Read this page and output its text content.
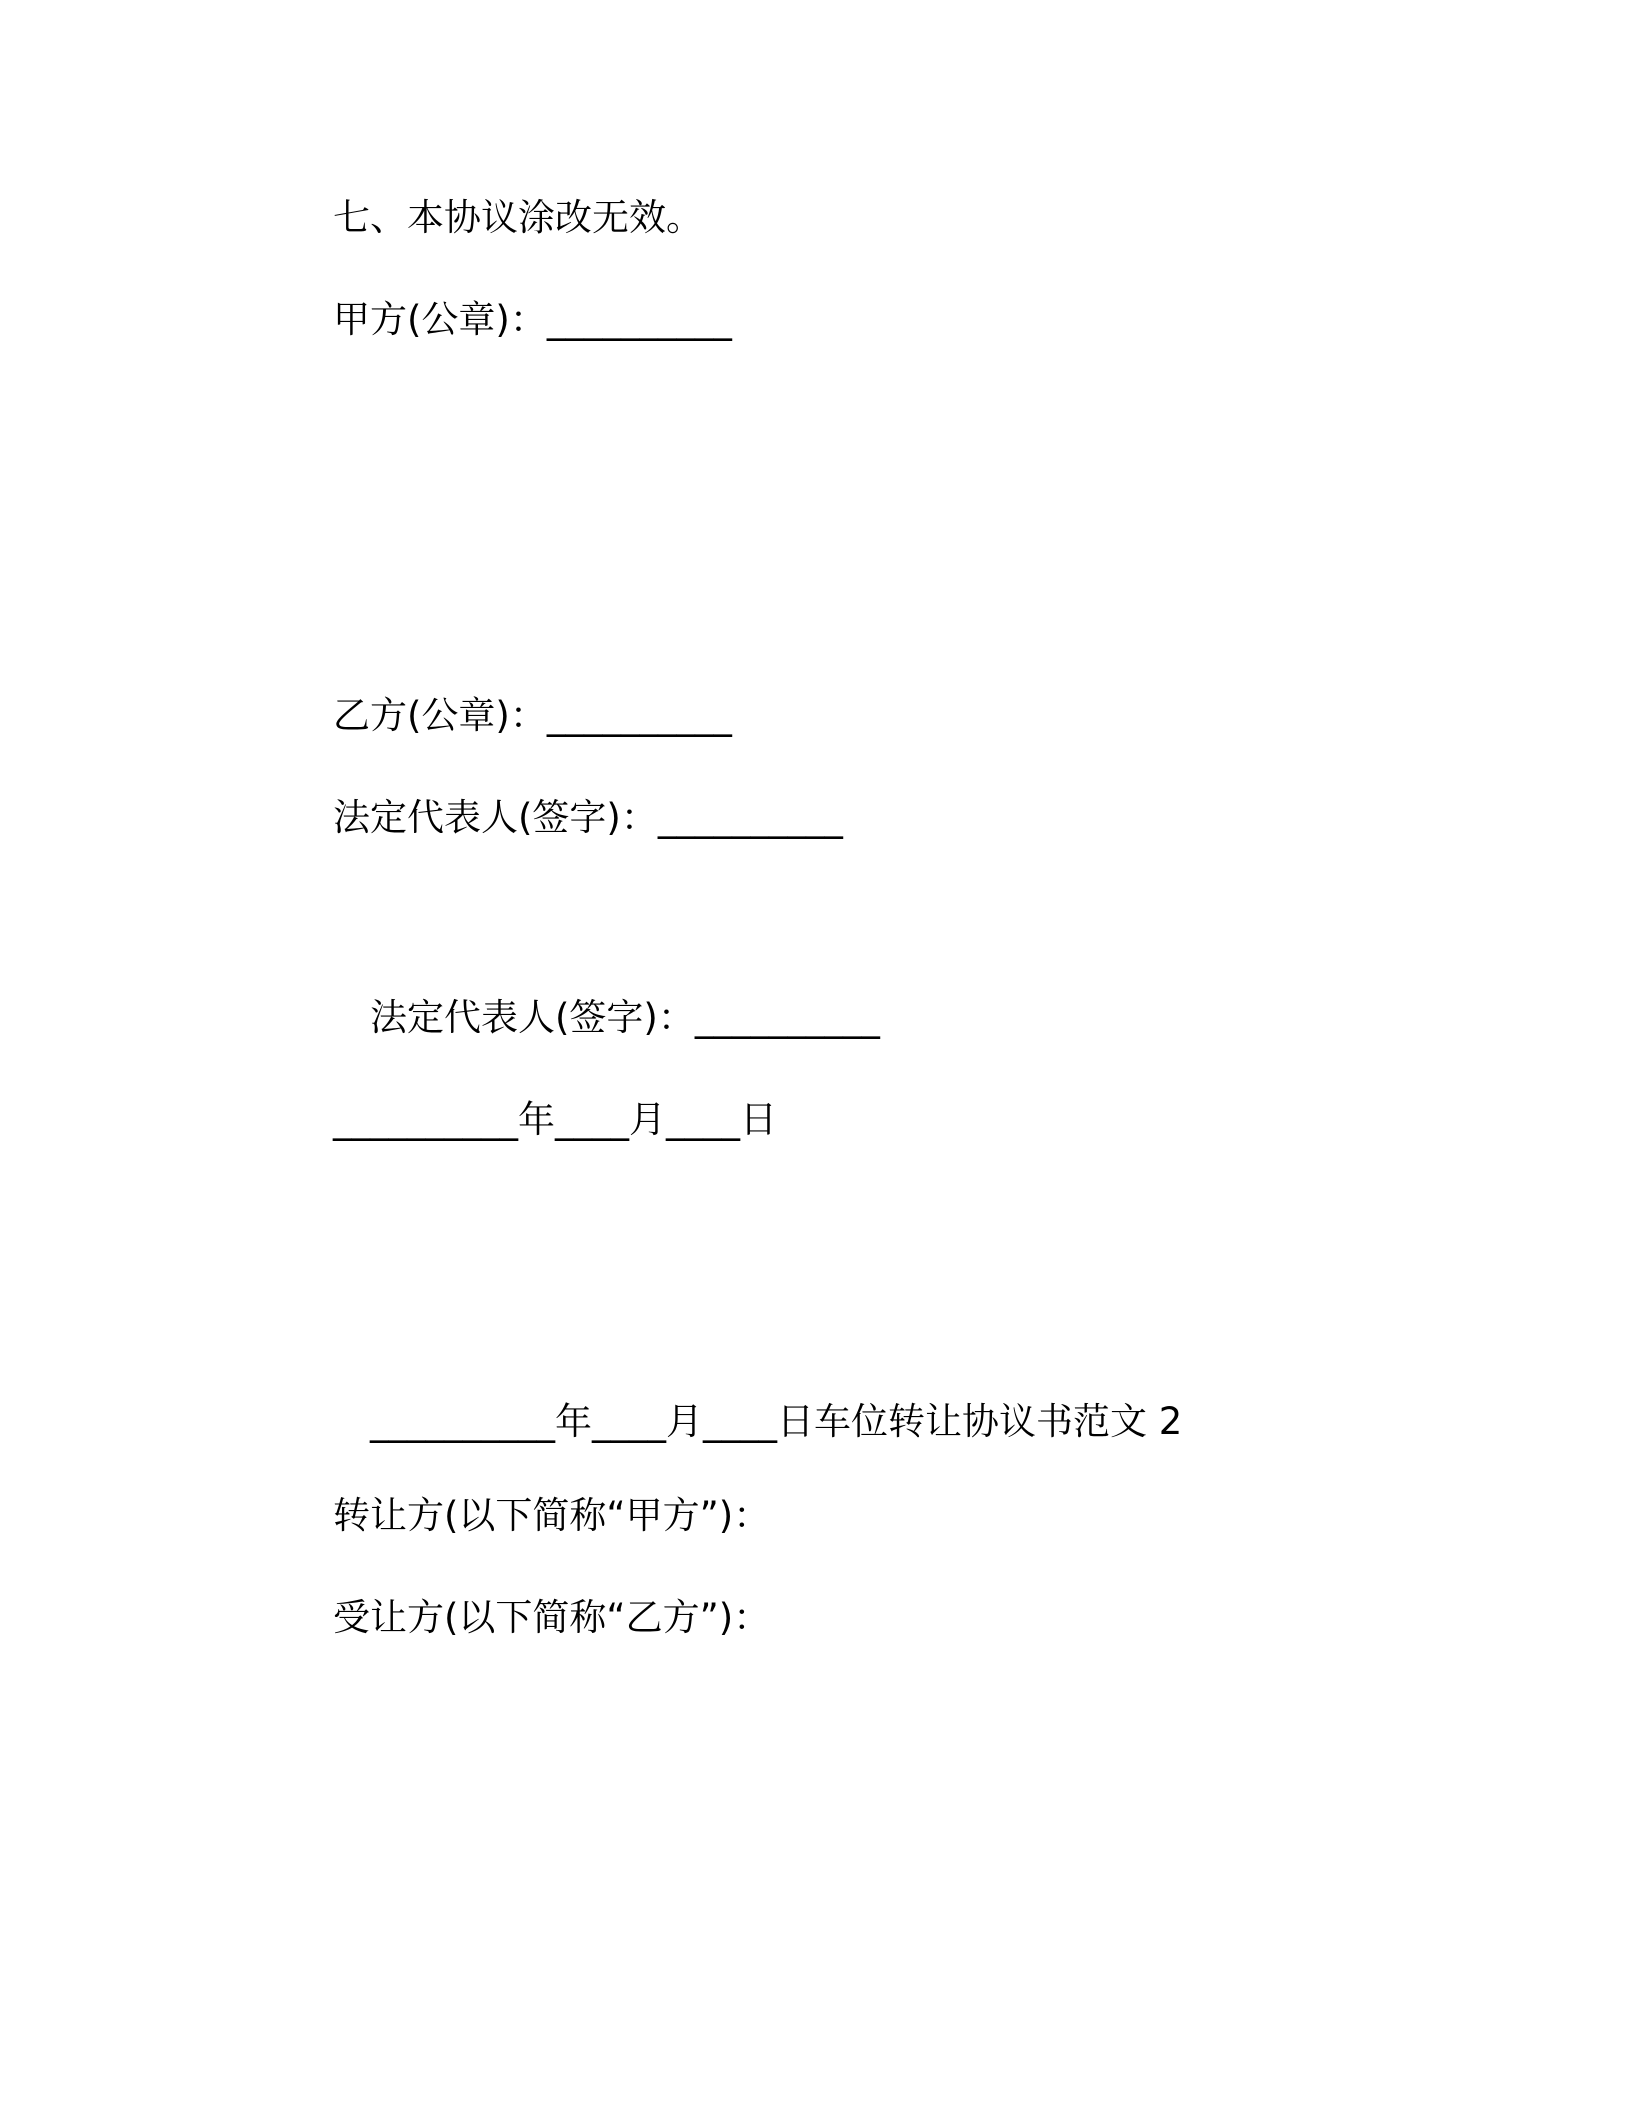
七、本协议涂改无效。
甲方(公章)：__________
乙方(公章)：__________
法定代表人(签字)：__________
法定代表人(签字)：__________
__________年____月____日
__________年____月____日车位转让协议书范文 2
转让方(以下简称“甲方”)：
受让方(以下简称“乙方”)：
